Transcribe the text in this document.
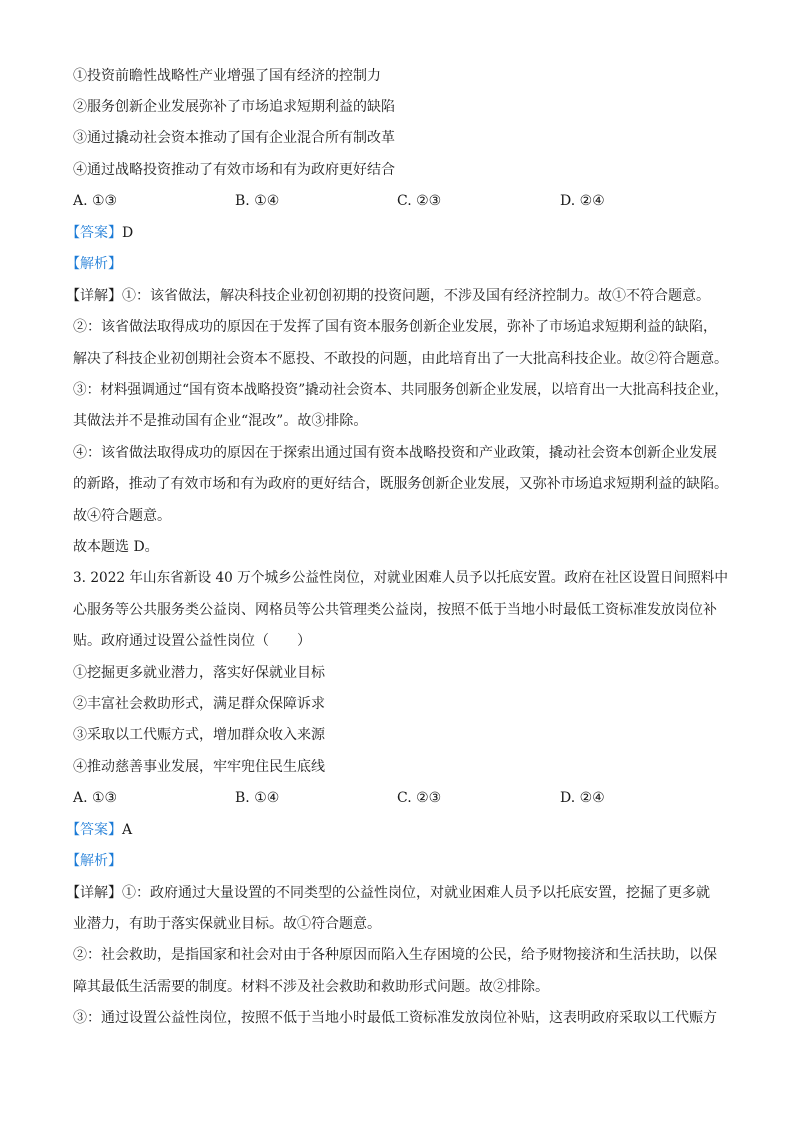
①投资前瞻性战略性产业增强了国有经济的控制力
②服务创新企业发展弥补了市场追求短期利益的缺陷
③通过撬动社会资本推动了国有企业混合所有制改革
④通过战略投资推动了有效市场和有为政府更好结合
A. ①③	B. ①④	C. ②③	D. ②④
【答案】D
【解析】
【详解】①：该省做法，解决科技企业初创初期的投资问题，不涉及国有经济控制力。故①不符合题意。
②：该省做法取得成功的原因在于发挥了国有资本服务创新企业发展，弥补了市场追求短期利益的缺陷，
解决了科技企业初创期社会资本不愿投、不敢投的问题，由此培育出了一大批高科技企业。故②符合题意。
③：材料强调通过“国有资本战略投资”撬动社会资本、共同服务创新企业发展，以培育出一大批高科技企业，
其做法并不是推动国有企业“混改”。故③排除。
④：该省做法取得成功的原因在于探索出通过国有资本战略投资和产业政策，撬动社会资本创新企业发展
的新路，推动了有效市场和有为政府的更好结合，既服务创新企业发展，又弥补市场追求短期利益的缺陷。
故④符合题意。
故本题选 D。
3. 2022 年山东省新设 40 万个城乡公益性岗位，对就业困难人员予以托底安置。政府在社区设置日间照料中
心服务等公共服务类公益岗、网格员等公共管理类公益岗，按照不低于当地小时最低工资标准发放岗位补
贴。政府通过设置公益性岗位（　　）
①挖掘更多就业潜力，落实好保就业目标
②丰富社会救助形式，满足群众保障诉求
③采取以工代赈方式，增加群众收入来源
④推动慈善事业发展，牢牢兜住民生底线
A. ①③	B. ①④	C. ②③	D. ②④
【答案】A
【解析】
【详解】①：政府通过大量设置的不同类型的公益性岗位，对就业困难人员予以托底安置，挖掘了更多就
业潜力，有助于落实保就业目标。故①符合题意。
②：社会救助，是指国家和社会对由于各种原因而陷入生存困境的公民，给予财物接济和生活扶助，以保
障其最低生活需要的制度。材料不涉及社会救助和救助形式问题。故②排除。
③：通过设置公益性岗位，按照不低于当地小时最低工资标准发放岗位补贴，这表明政府采取以工代赈方
